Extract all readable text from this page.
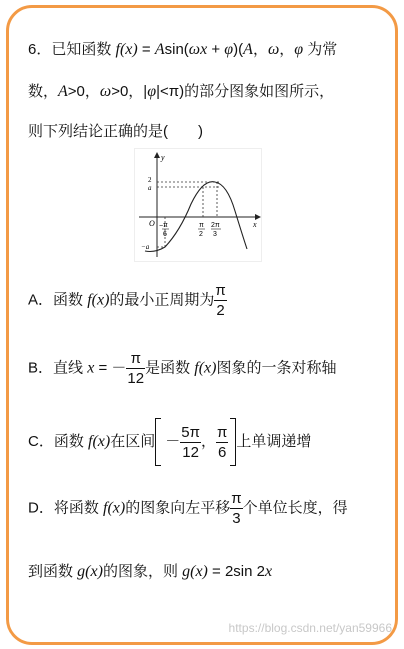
6．已知函数 f(x) = Asin(ωx + φ)(A，ω，φ 为常
数，A>0，ω>0，|φ|<π)的部分图象如图所示，
则下列结论正确的是(　　)
y
x
O
2
a
−a
− π
6
π
2
2π
3
A．函数 f(x)的最小正周期为 $\frac{\pi}{2}$
B．直线 x = － $\frac{\pi}{12}$ 是函数 f(x)图象的一条对称轴
C．函数 f(x)在区间 － $\frac{5\pi}{12}$ ， $\frac{\pi}{6}$ 上单调递增
D．将函数 f(x)的图象向左平移 $\frac{\pi}{3}$ 个单位长度，得
到函数 g(x)的图象，则 g(x) = 2sin 2x
https://blog.csdn.net/yan59966
